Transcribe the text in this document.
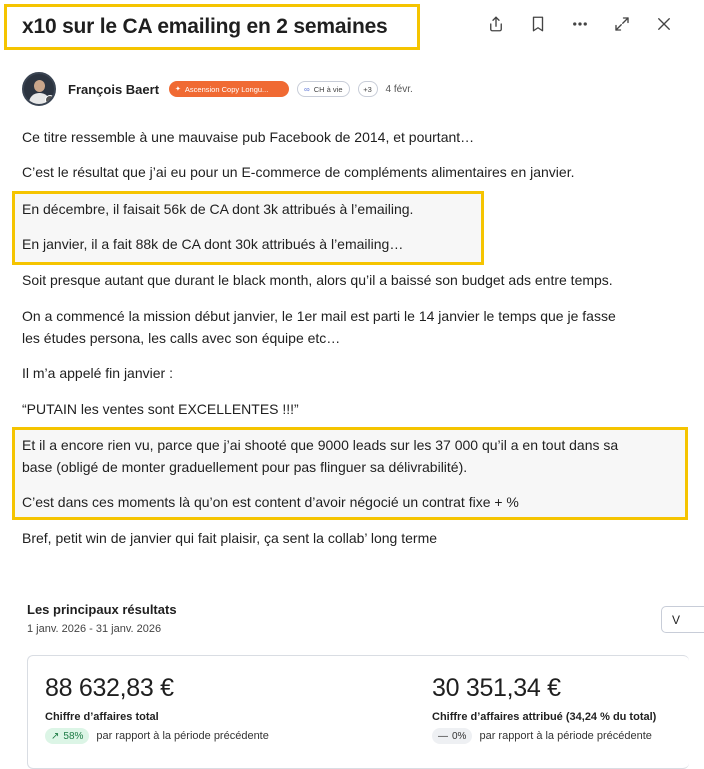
x10 sur le CA emailing en 2 semaines
François Baert ✦ Ascension Copy Longu...	∞ CH à vie	+3	4 févr.
Ce titre ressemble à une mauvaise pub Facebook de 2014, et pourtant…
C’est le résultat que j’ai eu pour un E-commerce de compléments alimentaires en janvier.
En décembre, il faisait 56k de CA dont 3k attribués à l’emailing.
En janvier, il a fait 88k de CA dont 30k attribués à l’emailing…
Soit presque autant que durant le black month, alors qu’il a baissé son budget ads entre temps.
On a commencé la mission début janvier, le 1er mail est parti le 14 janvier le temps que je fasse
les études persona, les calls avec son équipe etc…
Il m’a appelé fin janvier :
“PUTAIN les ventes sont EXCELLENTES !!!”
Et il a encore rien vu, parce que j’ai shooté que 9000 leads sur les 37 000 qu’il a en tout dans sa
base (obligé de monter graduellement pour pas flinguer sa délivrabilité).
C’est dans ces moments là qu’on est content d’avoir négocié un contrat fixe + %
Bref, petit win de janvier qui fait plaisir, ça sent la collab’ long terme
Les principaux résultats
1 janv. 2026 - 31 janv. 2026
V
88 632,83 €
Chiffre d’affaires total
↗ 58% par rapport à la période précédente
30 351,34 €
Chiffre d’affaires attribué (34,24 % du total)
— 0% par rapport à la période précédente
